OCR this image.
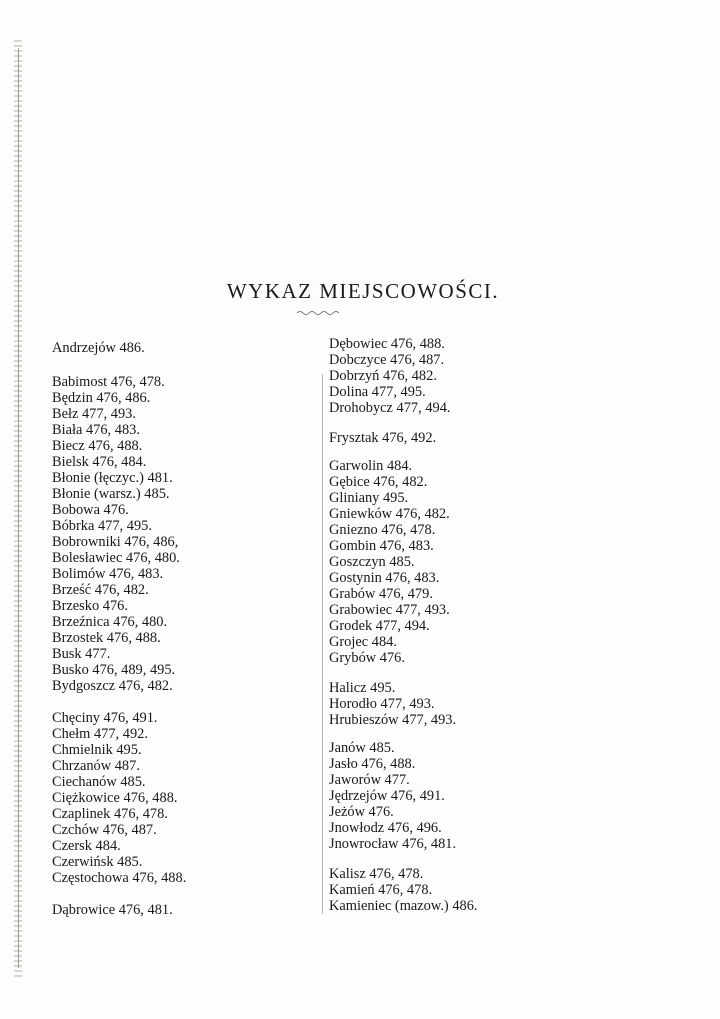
WYKAZ MIEJSCOWOŚCI.
Andrzejów 486.
Babimost 476, 478.
Będzin 476, 486.
Bełz 477, 493.
Biała 476, 483.
Biecz 476, 488.
Bielsk 476, 484.
Błonie (łęczyc.) 481.
Błonie (warsz.) 485.
Bobowa 476.
Bóbrka 477, 495.
Bobrowniki 476, 486,
Bolesławiec 476, 480.
Bolimów 476, 483.
Brześć 476, 482.
Brzesko 476.
Brzeźnica 476, 480.
Brzostek 476, 488.
Busk 477.
Busko 476, 489, 495.
Bydgoszcz 476, 482.
Chęciny 476, 491.
Chełm 477, 492.
Chmielnik 495.
Chrzanów 487.
Ciechanów 485.
Ciężkowice 476, 488.
Czaplinek 476, 478.
Czchów 476, 487.
Czersk 484.
Czerwińsk 485.
Częstochowa 476, 488.
Dąbrowice 476, 481.
Dębowiec 476, 488.
Dobczyce 476, 487.
Dobrzyń 476, 482.
Dolina 477, 495.
Drohobycz 477, 494.
Frysztak 476, 492.
Garwolin 484.
Gębice 476, 482.
Gliniany 495.
Gniewków 476, 482.
Gniezno 476, 478.
Gombin 476, 483.
Goszczyn 485.
Gostynin 476, 483.
Grabów 476, 479.
Grabowiec 477, 493.
Grodek 477, 494.
Grojec 484.
Grybów 476.
Halicz 495.
Horodło 477, 493.
Hrubieszów 477, 493.
Janów 485.
Jasło 476, 488.
Jaworów 477.
Jędrzejów 476, 491.
Jeżów 476.
Jnowłodz 476, 496.
Jnowrocław 476, 481.
Kalisz 476, 478.
Kamień 476, 478.
Kamieniec (mazow.) 486.
